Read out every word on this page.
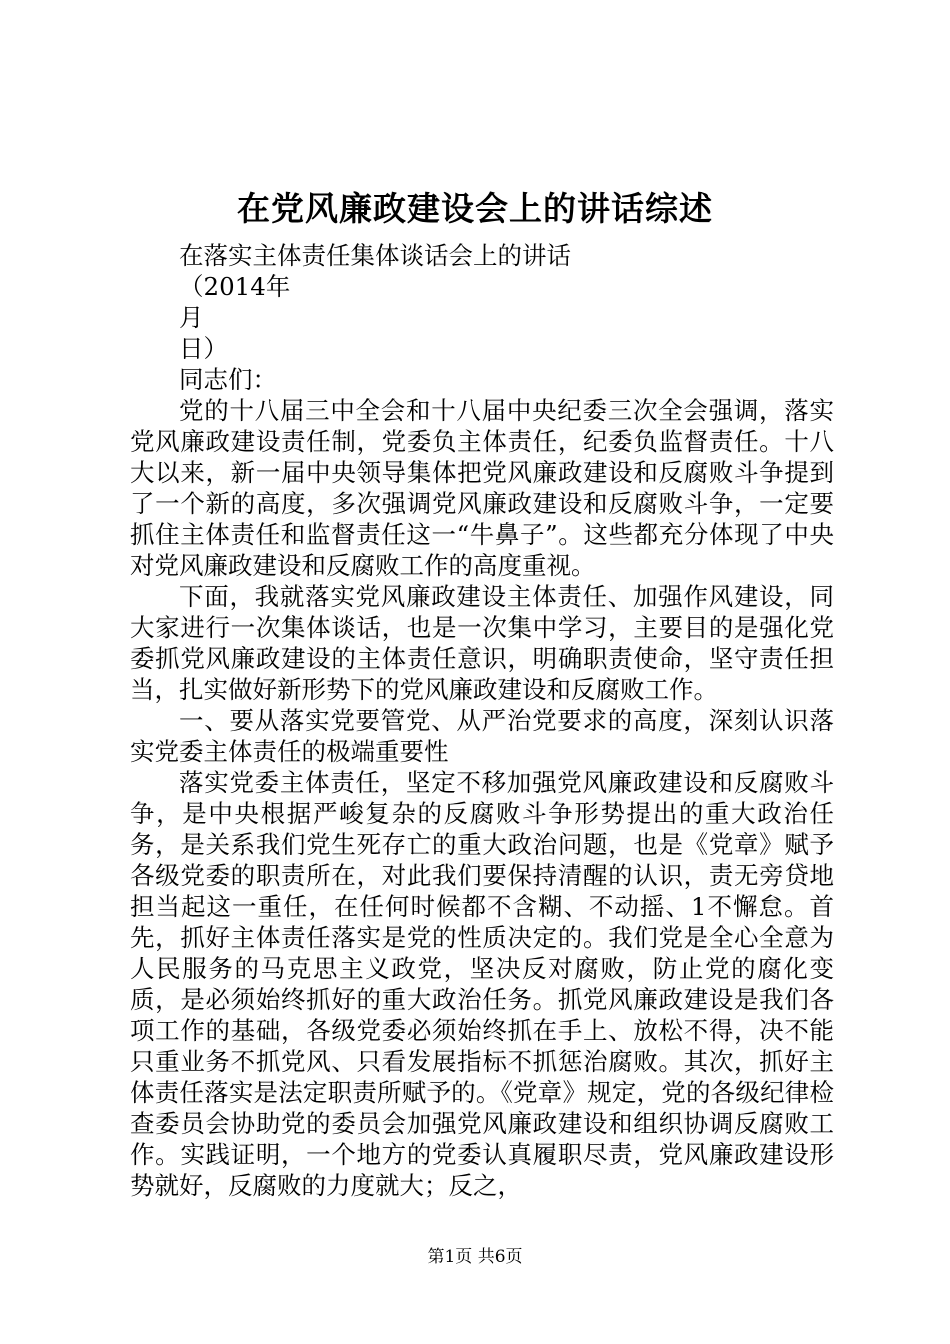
在党风廉政建设会上的讲话综述

在落实主体责任集体谈话会上的讲话

（2014年

月

日）

同志们：

党的十八届三中全会和十八届中央纪委三次全会强调，落实党风廉政建设责任制，党委负主体责任，纪委负监督责任。十八大以来，新一届中央领导集体把党风廉政建设和反腐败斗争提到了一个新的高度，多次强调党风廉政建设和反腐败斗争，一定要抓住主体责任和监督责任这一“牛鼻子”。这些都充分体现了中央对党风廉政建设和反腐败工作的高度重视。

下面，我就落实党风廉政建设主体责任、加强作风建设，同大家进行一次集体谈话，也是一次集中学习，主要目的是强化党委抓党风廉政建设的主体责任意识，明确职责使命，坚守责任担当，扎实做好新形势下的党风廉政建设和反腐败工作。

一、要从落实党要管党、从严治党要求的高度，深刻认识落实党委主体责任的极端重要性

落实党委主体责任，坚定不移加强党风廉政建设和反腐败斗争，是中央根据严峻复杂的反腐败斗争形势提出的重大政治任务，是关系我们党生死存亡的重大政治问题，也是《党章》赋予各级党委的职责所在，对此我们要保持清醒的认识，责无旁贷地担当起这一重任，在任何时候都不含糊、不动摇、1不懈怠。首先，抓好主体责任落实是党的性质决定的。我们党是全心全意为人民服务的马克思主义政党，坚决反对腐败，防止党的腐化变质，是必须始终抓好的重大政治任务。抓党风廉政建设是我们各项工作的基础，各级党委必须始终抓在手上、放松不得，决不能只重业务不抓党风、只看发展指标不抓惩治腐败。其次，抓好主体责任落实是法定职责所赋予的。《党章》规定，党的各级纪律检查委员会协助党的委员会加强党风廉政建设和组织协调反腐败工作。实践证明，一个地方的党委认真履职尽责，党风廉政建设形势就好，反腐败的力度就大；反之，

第1页 共6页
